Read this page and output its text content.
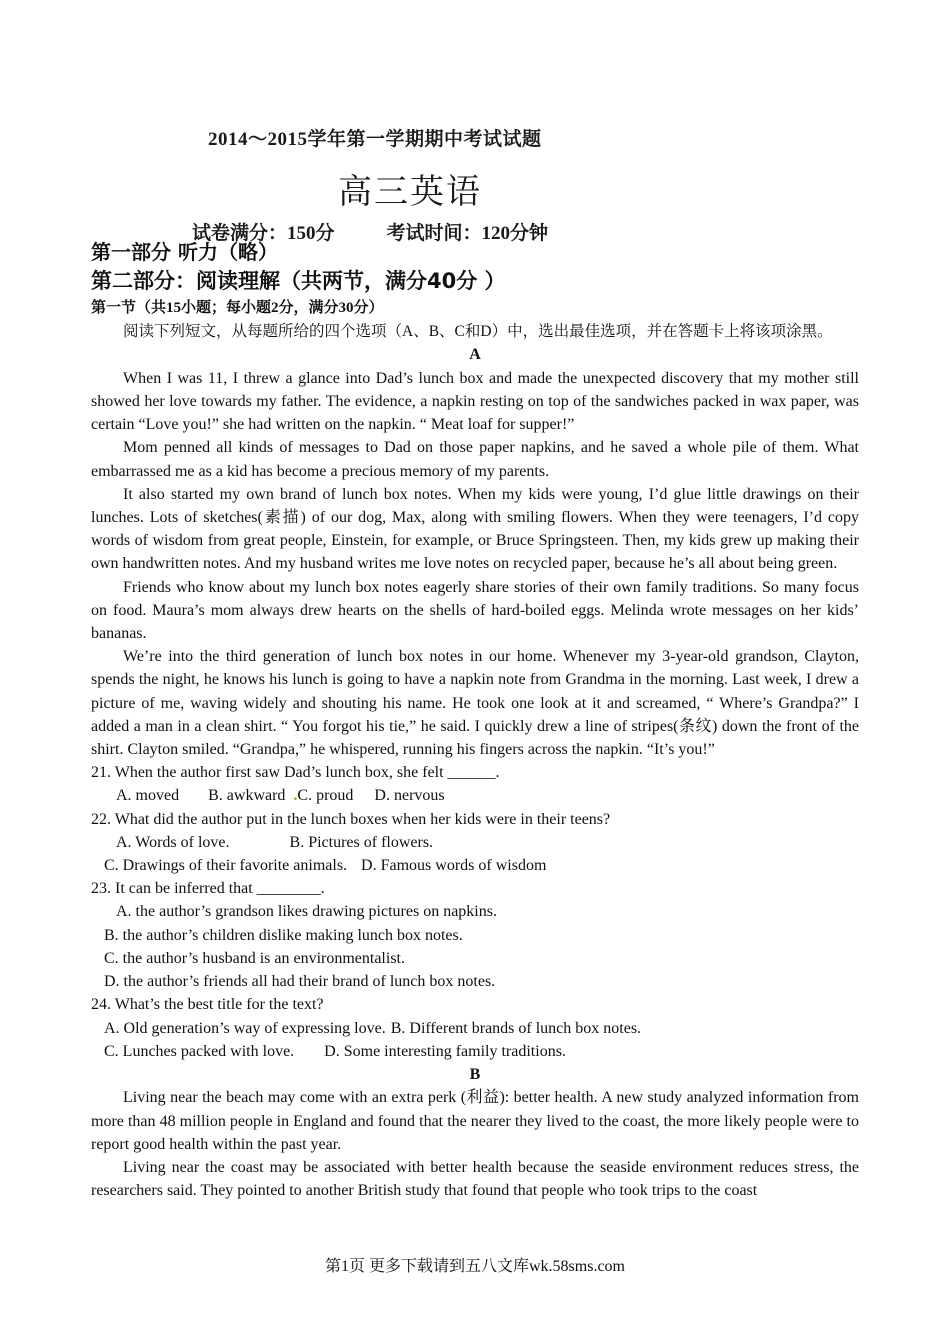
2014～2015学年第一学期期中考试试题
高三英语
试卷满分：150分	考试时间：120分钟
第一部分 听力（略）
第二部分：阅读理解（共两节，满分40分 ）
第一节（共15小题；每小题2分，满分30分）
阅读下列短文，从每题所给的四个选项（A、B、C和D）中，选出最佳选项，并在答题卡上将该项涂黑。
A

When I was 11, I threw a glance into Dad’s lunch box and made the unexpected discovery that my mother still showed her love towards my father. The evidence, a napkin resting on top of the sandwiches packed in wax paper, was certain “Love you!” she had written on the napkin. “ Meat loaf for supper!”

Mom penned all kinds of messages to Dad on those paper napkins, and he saved a whole pile of them. What embarrassed me as a kid has become a precious memory of my parents.

It also started my own brand of lunch box notes. When my kids were young, I’d glue little drawings on their lunches. Lots of sketches(素描) of our dog, Max, along with smiling flowers. When they were teenagers, I’d copy words of wisdom from great people, Einstein, for example, or Bruce Springsteen. Then, my kids grew up making their own handwritten notes. And my husband writes me love notes on recycled paper, because he’s all about being green.

Friends who know about my lunch box notes eagerly share stories of their own family traditions. So many focus on food. Maura’s mom always drew hearts on the shells of hard-boiled eggs. Melinda wrote messages on her kids’ bananas.

We’re into the third generation of lunch box notes in our home. Whenever my 3-year-old grandson, Clayton, spends the night, he knows his lunch is going to have a napkin note from Grandma in the morning. Last week, I drew a picture of me, waving widely and shouting his name. He took one look at it and screamed, “ Where’s Grandpa?” I added a man in a clean shirt. “ You forgot his tie,” he said. I quickly drew a line of stripes(条纹) down the front of the shirt. Clayton smiled. “Grandpa,” he whispered, running his fingers across the napkin. “It’s you!”

21. When the author first saw Dad’s lunch box, she felt ______.
A. moved B. awkward .C. proud D. nervous
22. What did the author put in the lunch boxes when her kids were in their teens?
A. Words of love.	B. Pictures of flowers.
C. Drawings of their favorite animals. D. Famous words of wisdom
23. It can be inferred that ________.
A. the author’s grandson likes drawing pictures on napkins.
B. the author’s children dislike making lunch box notes.
C. the author’s husband is an environmentalist.
D. the author’s friends all had their brand of lunch box notes.
24. What’s the best title for the text?
A. Old generation’s way of expressing love. B. Different brands of lunch box notes.
C. Lunches packed with love. D. Some interesting family traditions.
B

Living near the beach may come with an extra perk (利益): better health. A new study analyzed information from more than 48 million people in England and found that the nearer they lived to the coast, the more likely people were to report good health within the past year.

Living near the coast may be associated with better health because the seaside environment reduces stress, the researchers said. They pointed to another British study that found that people who took trips to the coast

第1页 更多下载请到五八文库wk.58sms.com
